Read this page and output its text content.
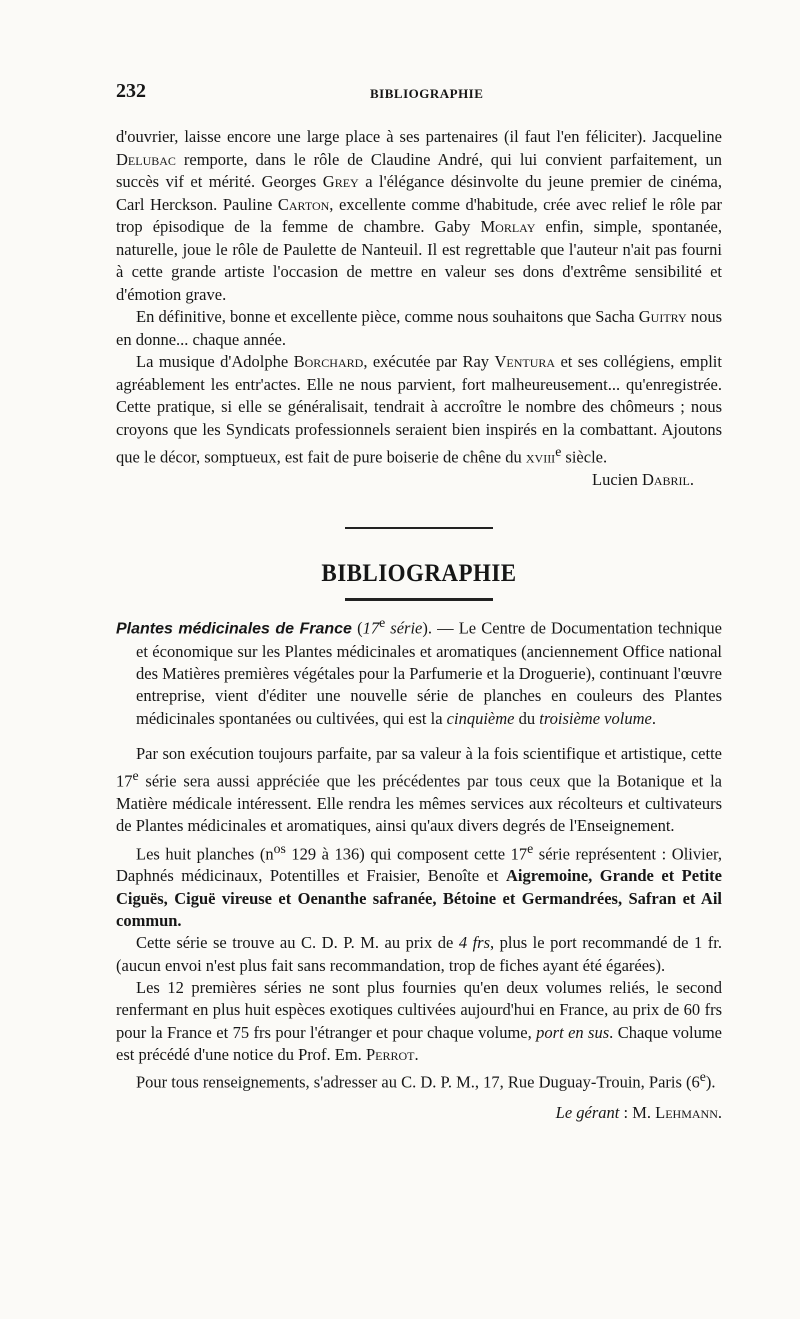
232	BIBLIOGRAPHIE

d'ouvrier, laisse encore une large place à ses partenaires (il faut l'en féliciter). Jacqueline Delubac remporte, dans le rôle de Claudine André, qui lui convient parfaitement, un succès vif et mérité. Georges Grey a l'élégance désinvolte du jeune premier de cinéma, Carl Herckson. Pauline Carton, excellente comme d'habitude, crée avec relief le rôle par trop épisodique de la femme de chambre. Gaby Morlay enfin, simple, spontanée, naturelle, joue le rôle de Paulette de Nanteuil. Il est regrettable que l'auteur n'ait pas fourni à cette grande artiste l'occasion de mettre en valeur ses dons d'extrême sensibilité et d'émotion grave.

En définitive, bonne et excellente pièce, comme nous souhaitons que Sacha Guitry nous en donne... chaque année.

La musique d'Adolphe Borchard, exécutée par Ray Ventura et ses collégiens, emplit agréablement les entr'actes. Elle ne nous parvient, fort malheureusement... qu'enregistrée. Cette pratique, si elle se généralisait, tendrait à accroître le nombre des chômeurs ; nous croyons que les Syndicats professionnels seraient bien inspirés en la combattant. Ajoutons que le décor, somptueux, est fait de pure boiserie de chêne du xviii$^e$ siècle.

Lucien Dabril.

BIBLIOGRAPHIE

Plantes médicinales de France (17e série). — Le Centre de Documentation technique et économique sur les Plantes médicinales et aromatiques (anciennement Office national des Matières premières végétales pour la Parfumerie et la Droguerie), continuant l'œuvre entreprise, vient d'éditer une nouvelle série de planches en couleurs des Plantes médicinales spontanées ou cultivées, qui est la cinquième du troisième volume.

Par son exécution toujours parfaite, par sa valeur à la fois scientifique et artistique, cette 17e série sera aussi appréciée que les précédentes par tous ceux que la Botanique et la Matière médicale intéressent. Elle rendra les mêmes services aux récolteurs et cultivateurs de Plantes médicinales et aromatiques, ainsi qu'aux divers degrés de l'Enseignement.

Les huit planches ($n^{os}$ 129 à 136) qui composent cette 17e série représentent : Olivier, Daphnés médicinaux, Potentilles et Fraisier, Benoîte et Aigremoine, Grande et Petite Ciguës, Ciguë vireuse et Oenanthe safranée, Bétoine et Germandrées, Safran et Ail commun.

Cette série se trouve au C. D. P. M. au prix de 4 frs, plus le port recommandé de 1 fr. (aucun envoi n'est plus fait sans recommandation, trop de fiches ayant été égarées).

Les 12 premières séries ne sont plus fournies qu'en deux volumes reliés, le second renfermant en plus huit espèces exotiques cultivées aujourd'hui en France, au prix de 60 frs pour la France et 75 frs pour l'étranger et pour chaque volume, port en sus. Chaque volume est précédé d'une notice du Prof. Em. Perrot.

Pour tous renseignements, s'adresser au C. D. P. M., 17, Rue Duguay-Trouin, Paris (6e).

Le gérant : M. Lehmann.
